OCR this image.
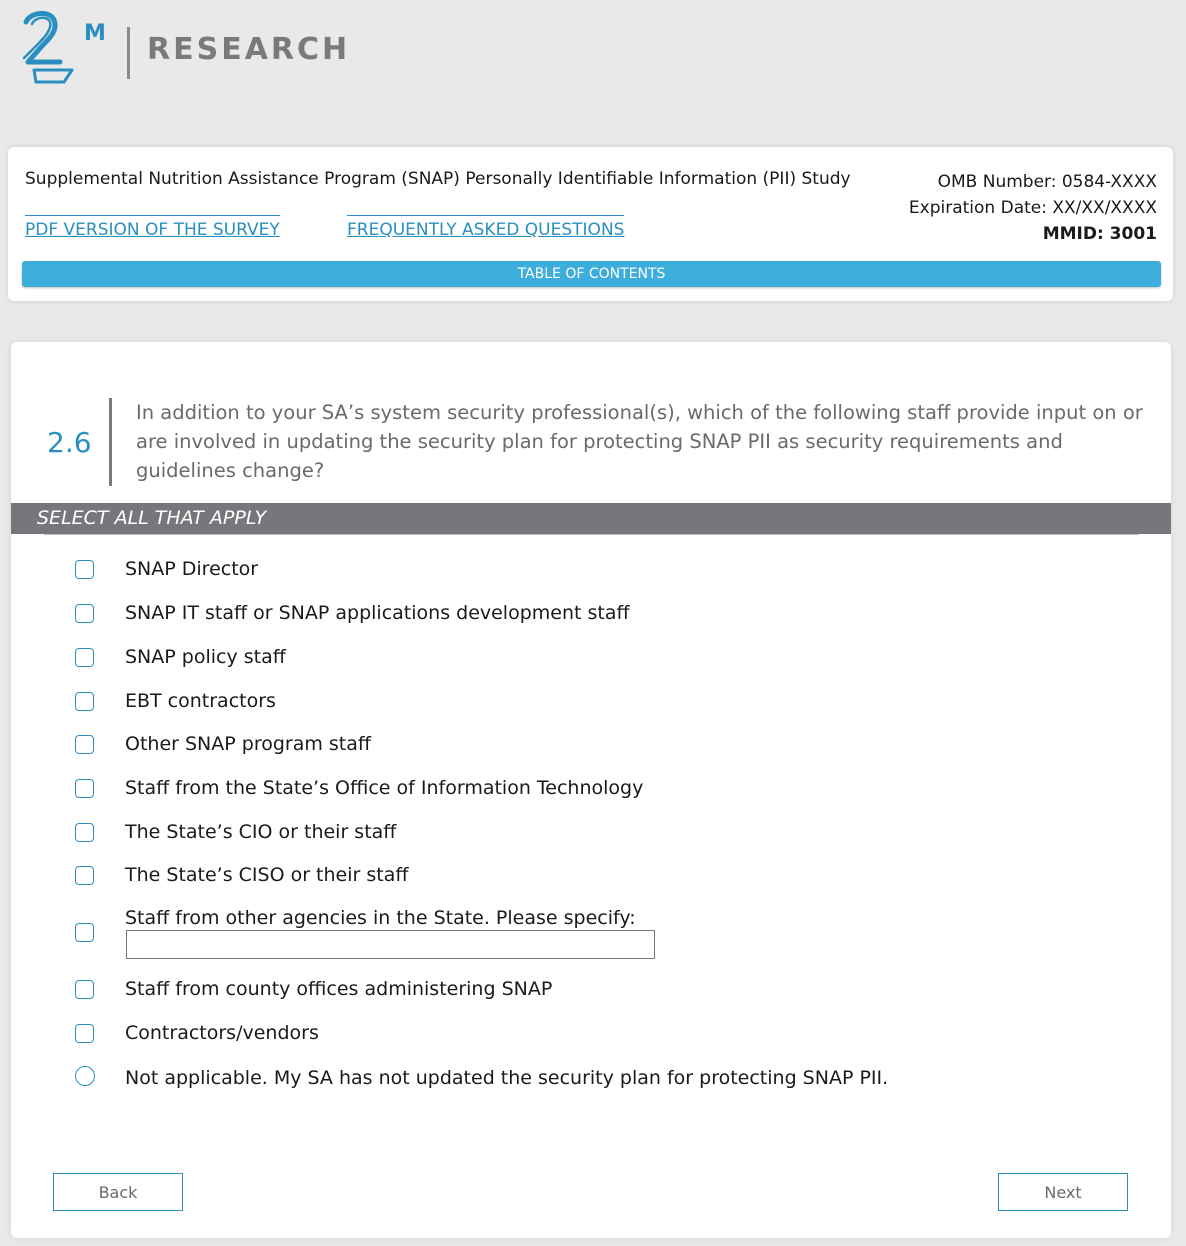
M RESEARCH
Supplemental Nutrition Assistance Program (SNAP) Personally Identifiable Information (PII) Study
PDF VERSION OF THE SURVEY	FREQUENTLY ASKED QUESTIONS
OMB Number: 0584-XXXX
Expiration Date: XX/XX/XXXX
MMID: 3001
TABLE OF CONTENTS
2.6
In addition to your SA’s system security professional(s), which of the following staff provide input on or are involved in updating the security plan for protecting SNAP PII as security requirements and guidelines change?
SELECT ALL THAT APPLY
SNAP Director
SNAP IT staff or SNAP applications development staff
SNAP policy staff
EBT contractors
Other SNAP program staff
Staff from the State’s Office of Information Technology
The State’s CIO or their staff
The State’s CISO or their staff
Staff from other agencies in the State. Please specify:
Staff from county offices administering SNAP
Contractors/vendors
Not applicable. My SA has not updated the security plan for protecting SNAP PII.
Back	Next
